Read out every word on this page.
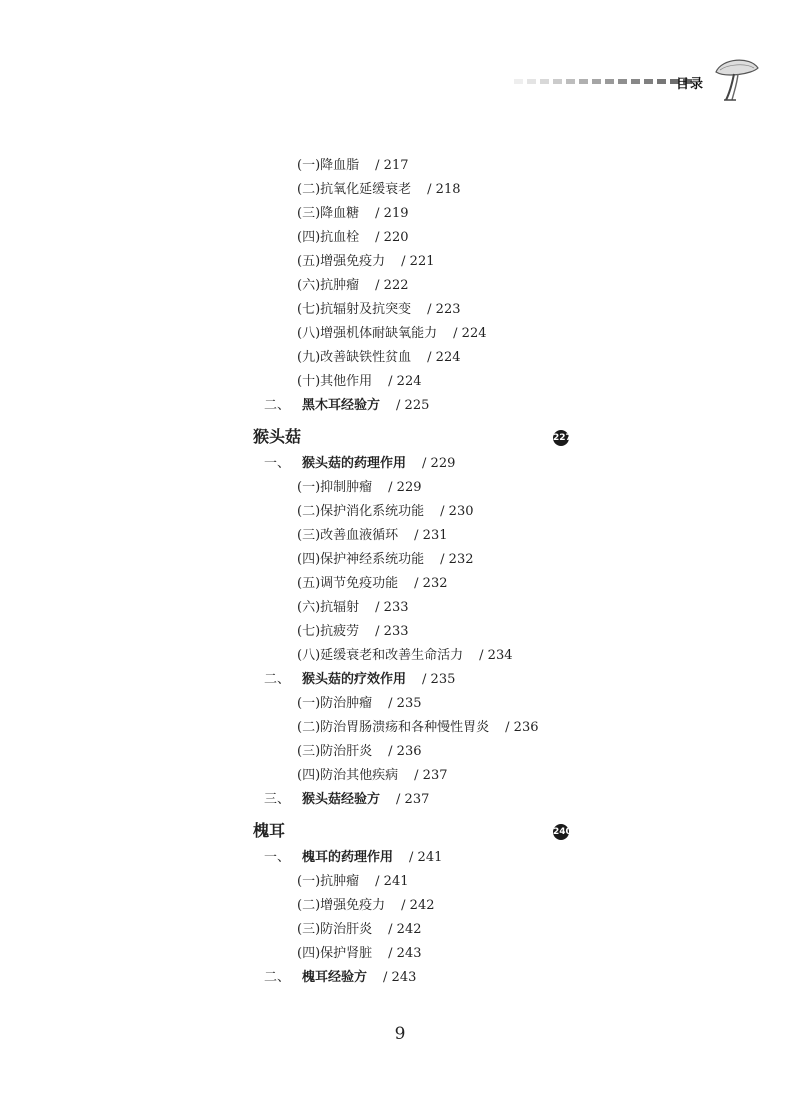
目录
(一)降血脂 / 217
(二)抗氧化延缓衰老 / 218
(三)降血糖 / 219
(四)抗血栓 / 220
(五)增强免疫力 / 221
(六)抗肿瘤 / 222
(七)抗辐射及抗突变 / 223
(八)增强机体耐缺氧能力 / 224
(九)改善缺铁性贫血 / 224
(十)其他作用 / 224
二、 黑木耳经验方 / 225
猴头菇	227
一、 猴头菇的药理作用 / 229
(一)抑制肿瘤 / 229
(二)保护消化系统功能 / 230
(三)改善血液循环 / 231
(四)保护神经系统功能 / 232
(五)调节免疫功能 / 232
(六)抗辐射 / 233
(七)抗疲劳 / 233
(八)延缓衰老和改善生命活力 / 234
二、 猴头菇的疗效作用 / 235
(一)防治肿瘤 / 235
(二)防治胃肠溃疡和各种慢性胃炎 / 236
(三)防治肝炎 / 236
(四)防治其他疾病 / 237
三、 猴头菇经验方 / 237
槐耳	240
一、 槐耳的药理作用 / 241
(一)抗肿瘤 / 241
(二)增强免疫力 / 242
(三)防治肝炎 / 242
(四)保护肾脏 / 243
二、 槐耳经验方 / 243
9
